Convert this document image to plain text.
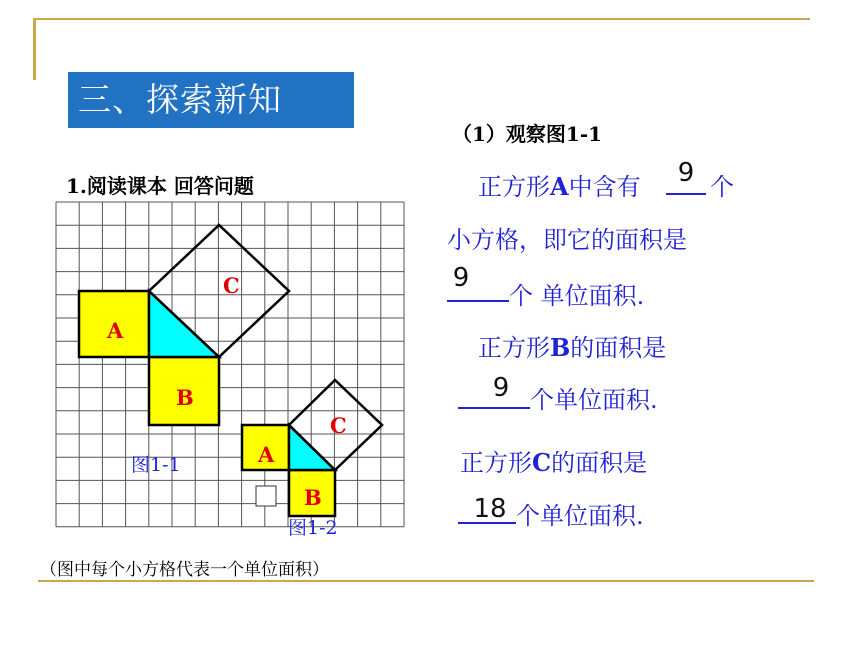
三、探索新知
1.阅读课本 回答问题
（1）观察图1-1
正方形A中含有	9 个
小方格，即它的面积是
9
个 单位面积.
正方形B的面积是
9 个单位面积.
正方形C的面积是
18 个单位面积.
（图中每个小方格代表一个单位面积）
A
B
C
图1-1	A
B
C
图1-2
